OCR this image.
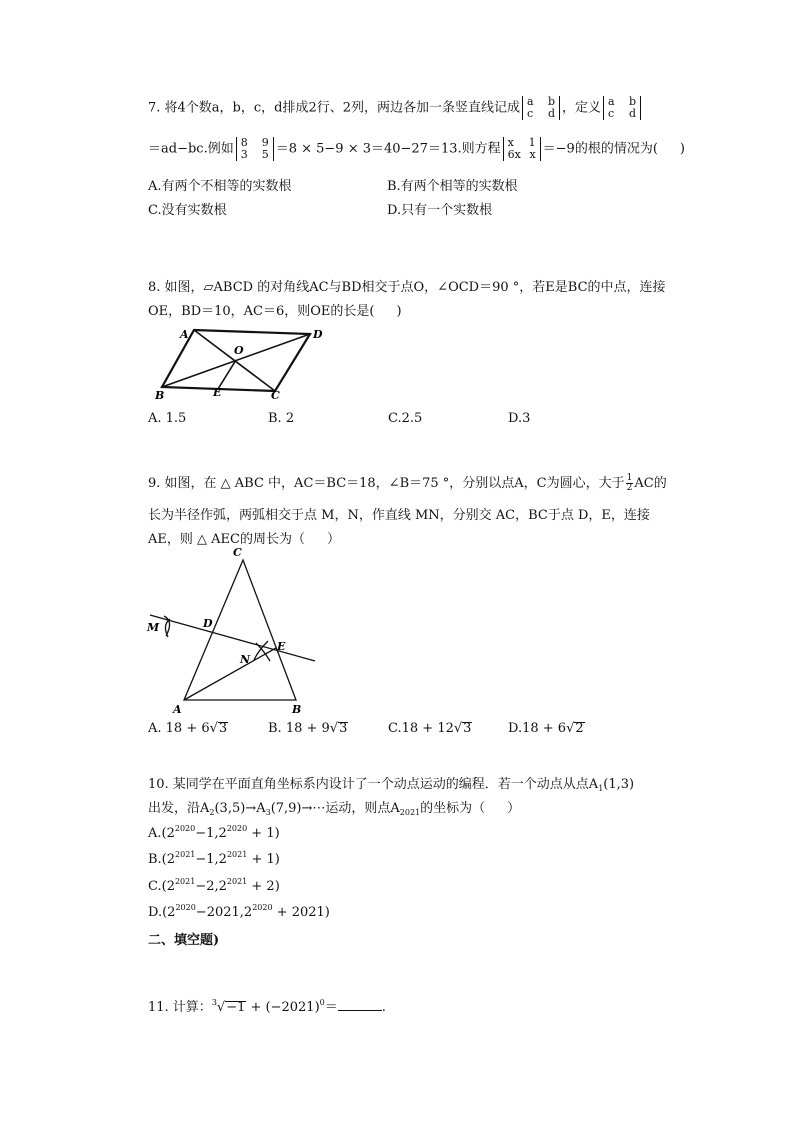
7. 将4个数a，b，c，d排成2行、2列，两边各加一条竖直线记成 a b
c d ，定义 a b
c d
＝ad−bc.例如 8 9
3 5 ＝8 × 5−9 × 3＝40−27＝13.则方程 x 1
6x x ＝−9的根的情况为( )
A.有两个不相等的实数根	B.有两个相等的实数根
C.没有实数根	D.只有一个实数根
8. 如图，▱ABCD 的对角线AC与BD相交于点O，∠OCD＝90 °，若E是BC的中点，连接
OE，BD＝10，AC＝6，则OE的长是( )
A	D
O
B	E	C
A. 1.5	B. 2	C.2.5	D.3
9. 如图，在 △ ABC 中，AC＝BC＝18，∠B＝75 °，分别以点A，C为圆心，大于 $\frac{1}{2}$ AC的
长为半径作弧，两弧相交于点 M，N，作直线 MN，分别交 AC，BC于点 D，E，连接
AE，则 △ AEC的周长为（ ）
C
D
M
N
E
A	B
A. 18 + 6√3	B. 18 + 9√3	C.18 + 12√3	D.18 + 6√2
10. 某同学在平面直角坐标系内设计了一个动点运动的编程．若一个动点从点$A_1(1,3)$
出发，沿$A_2(3,5)\to A_3(7,9)\to\cdots$运动，则点$A_{2021}$的坐标为（ ）
$A.(2^{2020}-1,2^{2020} + 1)$
$B.(2^{2021}-1,2^{2021} + 1)$
$C.(2^{2021}-2,2^{2021} + 2)$
$D.(2^{2020}-2021,2^{2020} + 2021)$
二、填空题)
11. 计算：$^3√-1 + (-2021)^0=$	.
